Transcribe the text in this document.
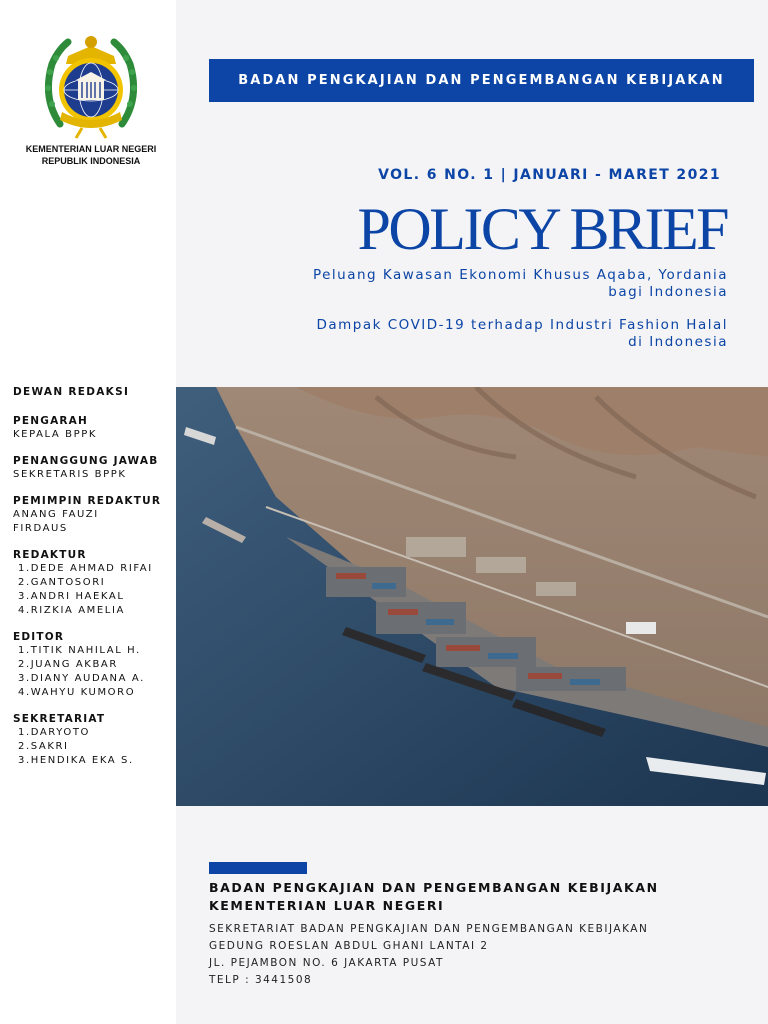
KEMENTERIAN LUAR NEGERI
REPUBLIK INDONESIA
DEWAN REDAKSI
PENGARAH
KEPALA BPPK
PENANGGUNG JAWAB
SEKRETARIS BPPK
PEMIMPIN REDAKTUR
ANANG FAUZI
FIRDAUS
REDAKTUR
1.DEDE AHMAD RIFAI
2.GANTOSORI
3.ANDRI HAEKAL
4.RIZKIA AMELIA
EDITOR
1.TITIK NAHILAL H.
2.JUANG AKBAR
3.DIANY AUDANA A.
4.WAHYU KUMORO
SEKRETARIAT
1.DARYOTO
2.SAKRI
3.HENDIKA EKA S.
BADAN PENGKAJIAN DAN PENGEMBANGAN KEBIJAKAN
VOL. 6 NO. 1 | JANUARI - MARET 2021
POLICY BRIEF
Peluang Kawasan Ekonomi Khusus Aqaba, Yordania
bagi Indonesia
Dampak COVID-19 terhadap Industri Fashion Halal
di Indonesia
BADAN PENGKAJIAN DAN PENGEMBANGAN KEBIJAKAN
KEMENTERIAN LUAR NEGERI
SEKRETARIAT BADAN PENGKAJIAN DAN PENGEMBANGAN KEBIJAKAN
GEDUNG ROESLAN ABDUL GHANI LANTAI 2
JL. PEJAMBON NO. 6 JAKARTA PUSAT
TELP : 3441508
